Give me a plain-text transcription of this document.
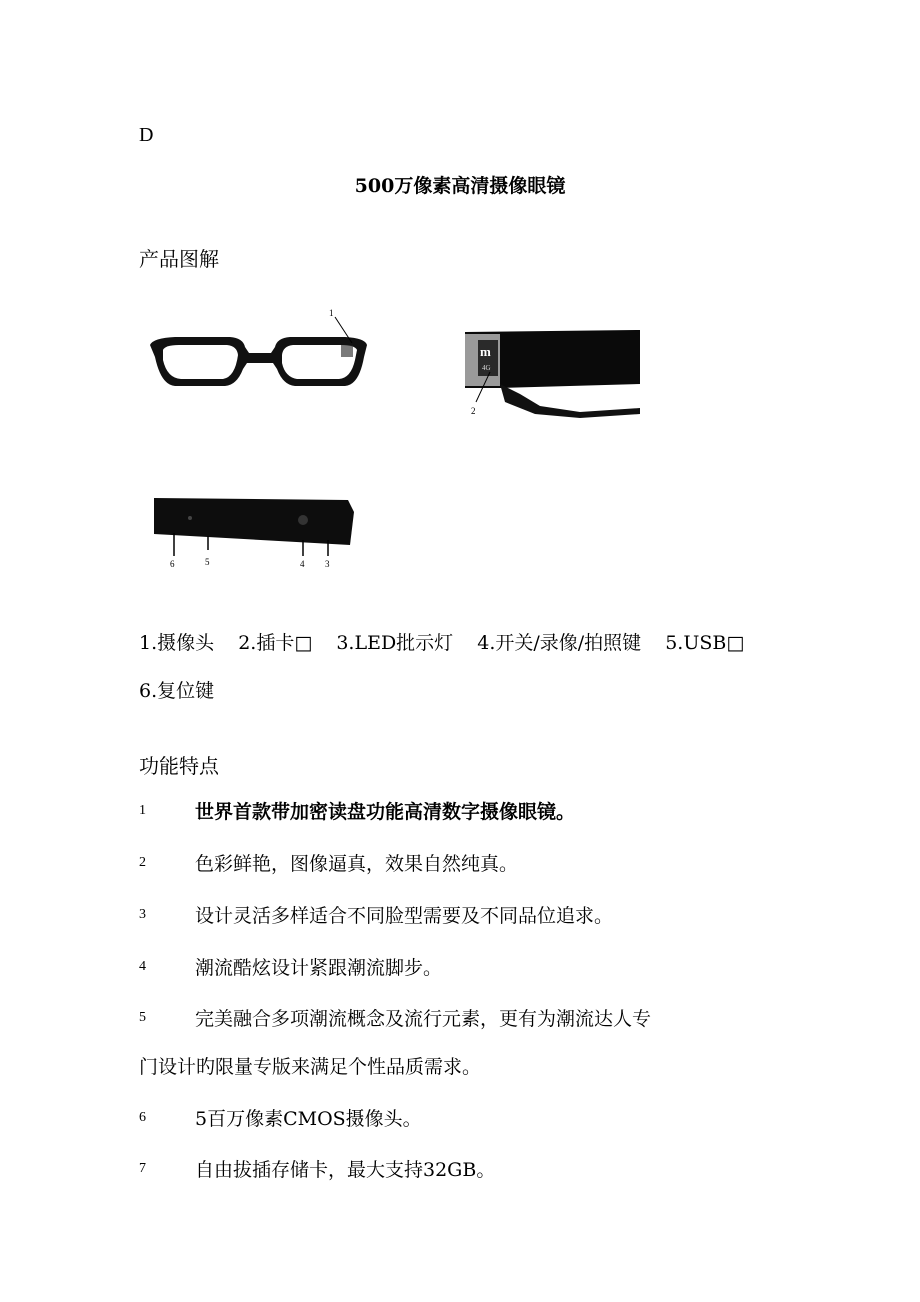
D
500万像素高清摄像眼镜
产品图解
1
m
4G
2
6	5	4 3
1.摄像头 2.插卡□ 3.LED批示灯 4.开关/录像/拍照键 5.USB□
6.复位键
功能特点
1	世界首款带加密读盘功能高清数字摄像眼镜。
2	色彩鲜艳，图像逼真，效果自然纯真。
3	设计灵活多样适合不同脸型需要及不同品位追求。
4	潮流酷炫设计紧跟潮流脚步。
5	完美融合多项潮流概念及流行元素，更有为潮流达人专
门设计旳限量专版来满足个性品质需求。
6	5百万像素CMOS摄像头。
7	自由拔插存储卡，最大支持32GB。
